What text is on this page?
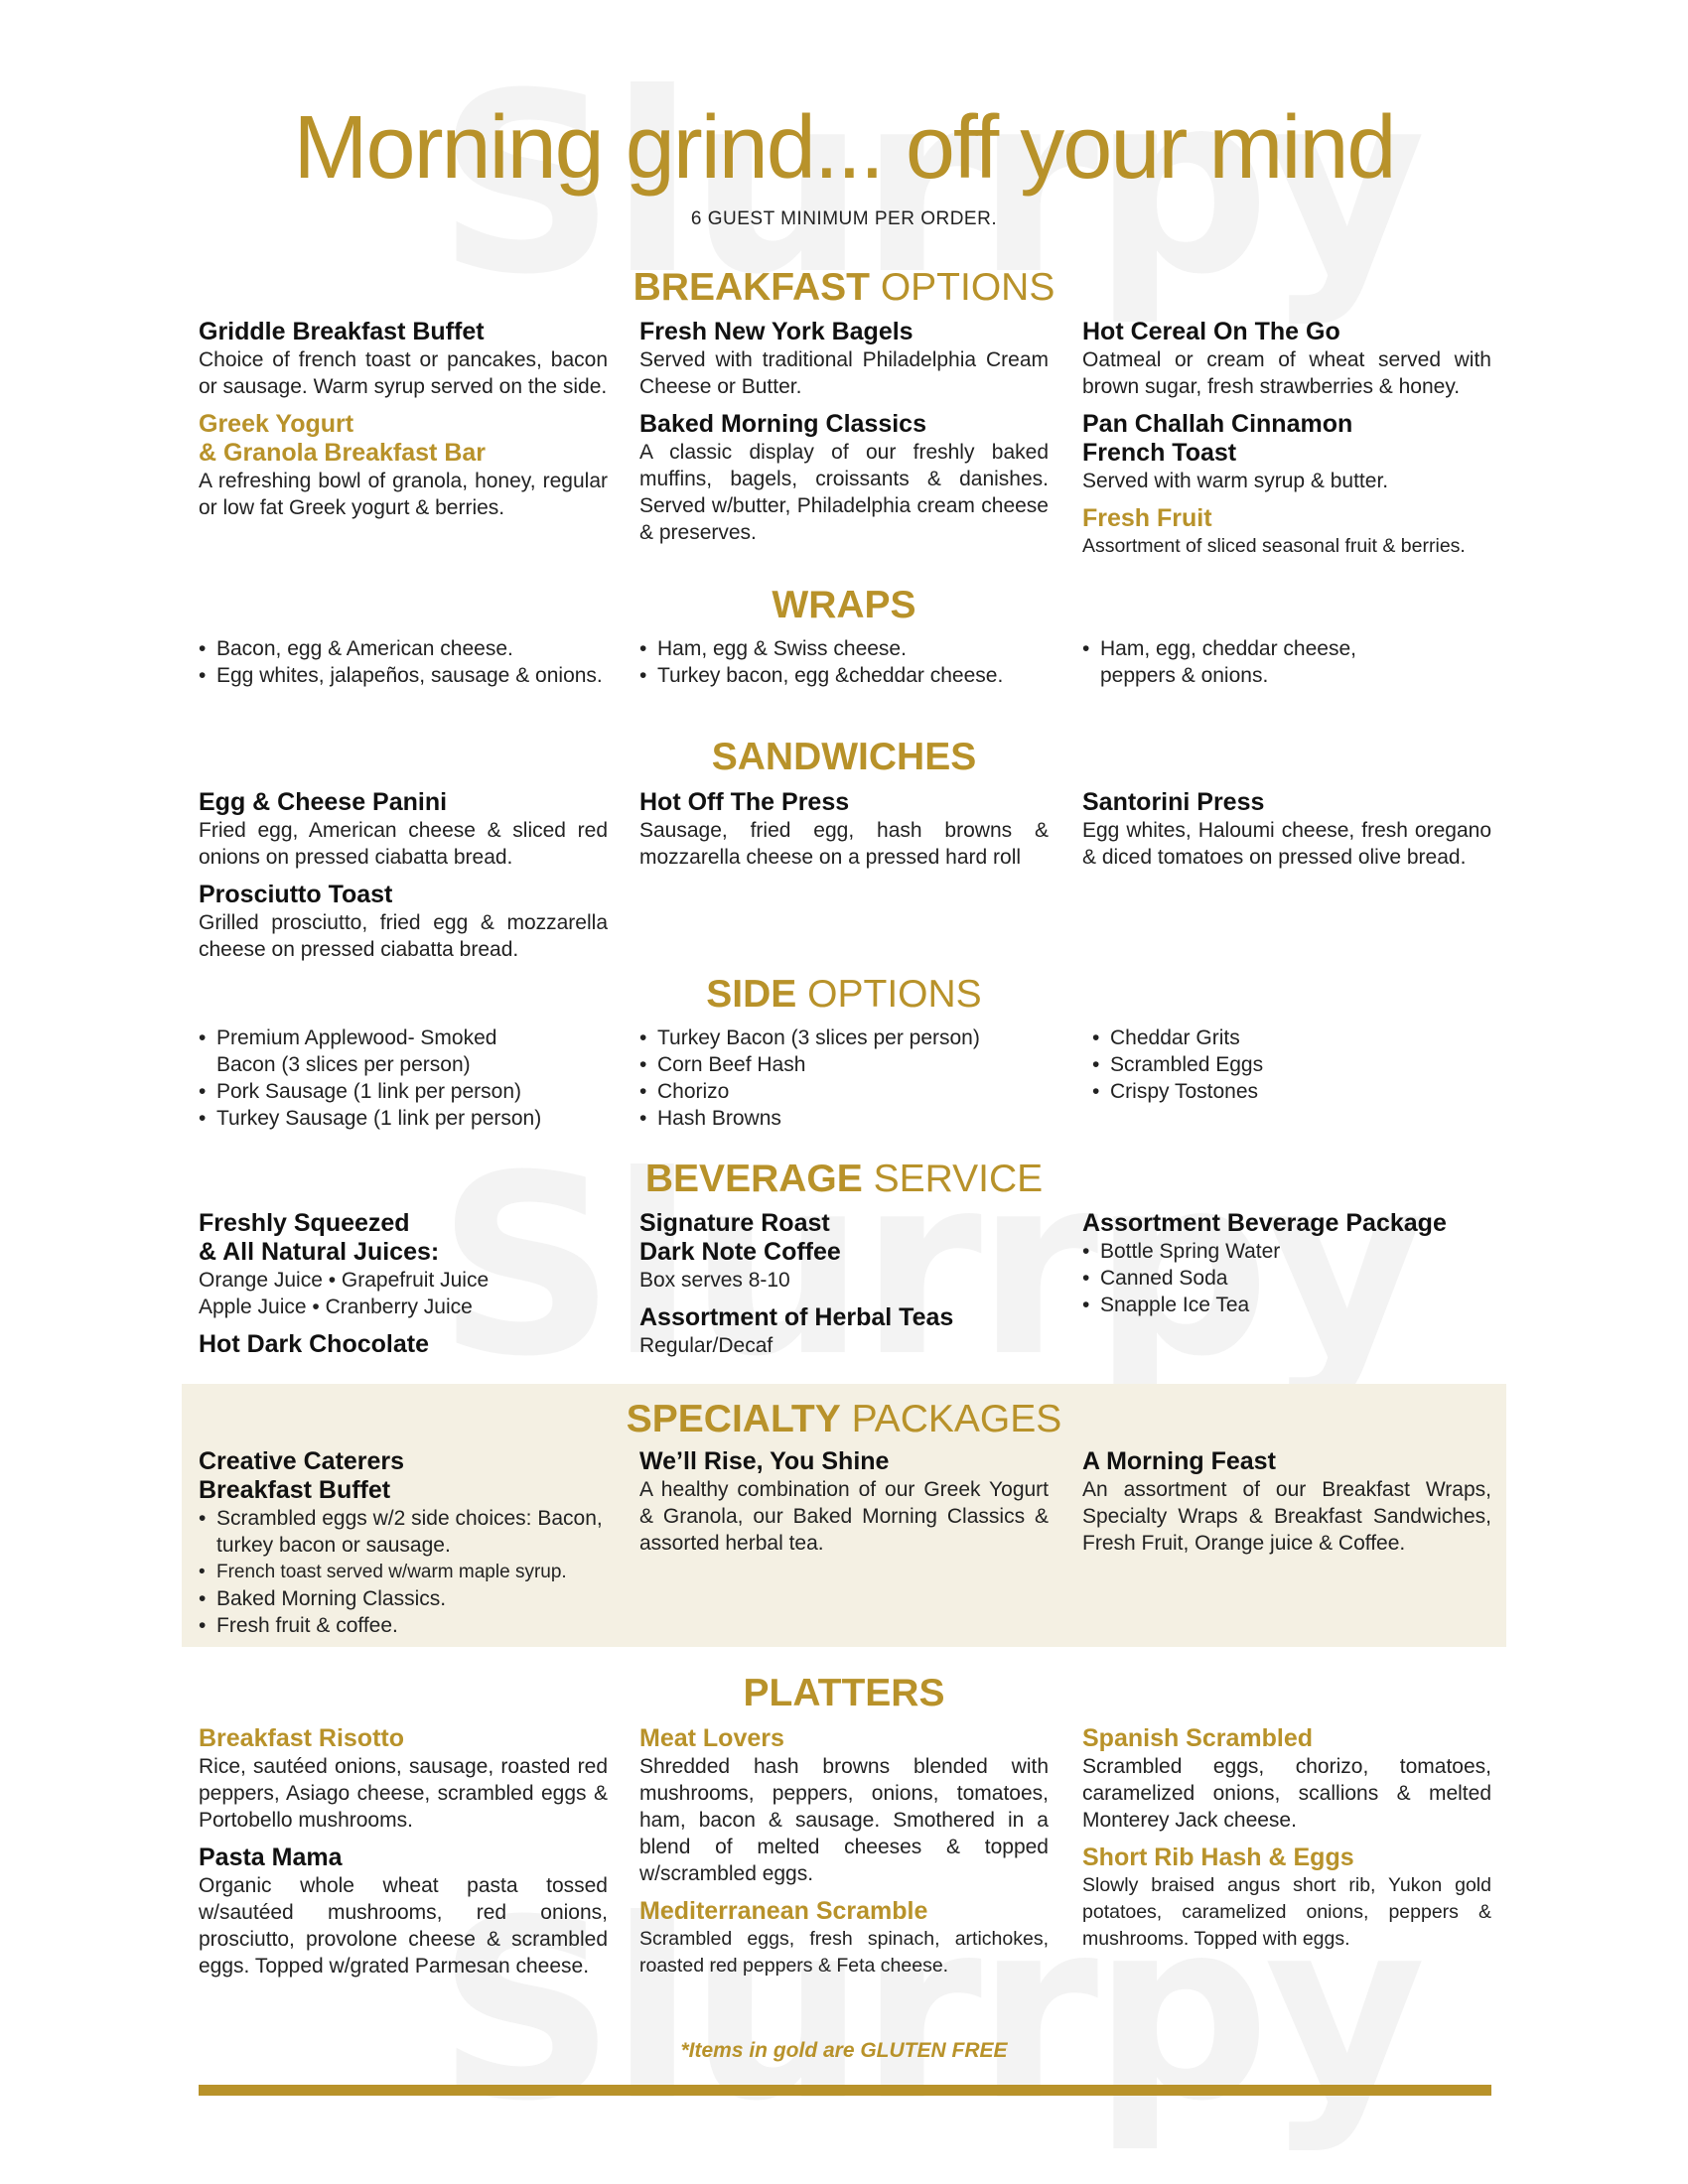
Morning grind... off your mind
6 GUEST MINIMUM PER ORDER.
BREAKFAST OPTIONS
Griddle Breakfast Buffet
Choice of french toast or pancakes, bacon or sausage. Warm syrup served on the side.
Greek Yogurt
& Granola Breakfast Bar
A refreshing bowl of granola, honey, regular or low fat Greek yogurt & berries.
Fresh New York Bagels
Served with traditional Philadelphia Cream Cheese or Butter.
Baked Morning Classics
A classic display of our freshly baked muffins, bagels, croissants & danishes. Served w/butter, Philadelphia cream cheese & preserves.
Hot Cereal On The Go
Oatmeal or cream of wheat served with brown sugar, fresh strawberries & honey.
Pan Challah Cinnamon
French Toast
Served with warm syrup & butter.
Fresh Fruit
Assortment of sliced seasonal fruit & berries.
WRAPS
• Bacon, egg & American cheese.
• Egg whites, jalapeños, sausage & onions.
• Ham, egg & Swiss cheese.
• Turkey bacon, egg &cheddar cheese.
• Ham, egg, cheddar cheese, peppers & onions.
SANDWICHES
Egg & Cheese Panini
Fried egg, American cheese & sliced red onions on pressed ciabatta bread.
Prosciutto Toast
Grilled prosciutto, fried egg & mozzarella cheese on pressed ciabatta bread.
Hot Off The Press
Sausage, fried egg, hash browns & mozzarella cheese on a pressed hard roll
Santorini Press
Egg whites, Haloumi cheese, fresh oregano & diced tomatoes on pressed olive bread.
SIDE OPTIONS
• Premium Applewood- Smoked Bacon (3 slices per person)
• Pork Sausage (1 link per person)
• Turkey Sausage (1 link per person)
• Turkey Bacon (3 slices per person)
• Corn Beef Hash
• Chorizo
• Hash Browns
• Cheddar Grits
• Scrambled Eggs
• Crispy Tostones
BEVERAGE SERVICE
Freshly Squeezed
& All Natural Juices:
Orange Juice • Grapefruit Juice
Apple Juice • Cranberry Juice
Hot Dark Chocolate
Signature Roast
Dark Note Coffee
Box serves 8-10
Assortment of Herbal Teas
Regular/Decaf
Assortment Beverage Package
• Bottle Spring Water
• Canned Soda
• Snapple Ice Tea
SPECIALTY PACKAGES
Creative Caterers
Breakfast Buffet
• Scrambled eggs w/2 side choices: Bacon, turkey bacon or sausage.
• French toast served w/warm maple syrup.
• Baked Morning Classics.
• Fresh fruit & coffee.
We’ll Rise, You Shine
A healthy combination of our Greek Yogurt & Granola, our Baked Morning Classics & assorted herbal tea.
A Morning Feast
An assortment of our Breakfast Wraps, Specialty Wraps & Breakfast Sandwiches, Fresh Fruit, Orange juice & Coffee.
PLATTERS
Breakfast Risotto
Rice, sautéed onions, sausage, roasted red peppers, Asiago cheese, scrambled eggs & Portobello mushrooms.
Pasta Mama
Organic whole wheat pasta tossed w/sautéed mushrooms, red onions, prosciutto, provolone cheese & scrambled eggs. Topped w/grated Parmesan cheese.
Meat Lovers
Shredded hash browns blended with mushrooms, peppers, onions, tomatoes, ham, bacon & sausage. Smothered in a blend of melted cheeses & topped w/scrambled eggs.
Mediterranean Scramble
Scrambled eggs, fresh spinach, artichokes, roasted red peppers & Feta cheese.
Spanish Scrambled
Scrambled eggs, chorizo, tomatoes, caramelized onions, scallions & melted Monterey Jack cheese.
Short Rib Hash & Eggs
Slowly braised angus short rib, Yukon gold potatoes, caramelized onions, peppers & mushrooms. Topped with eggs.
*Items in gold are GLUTEN FREE
